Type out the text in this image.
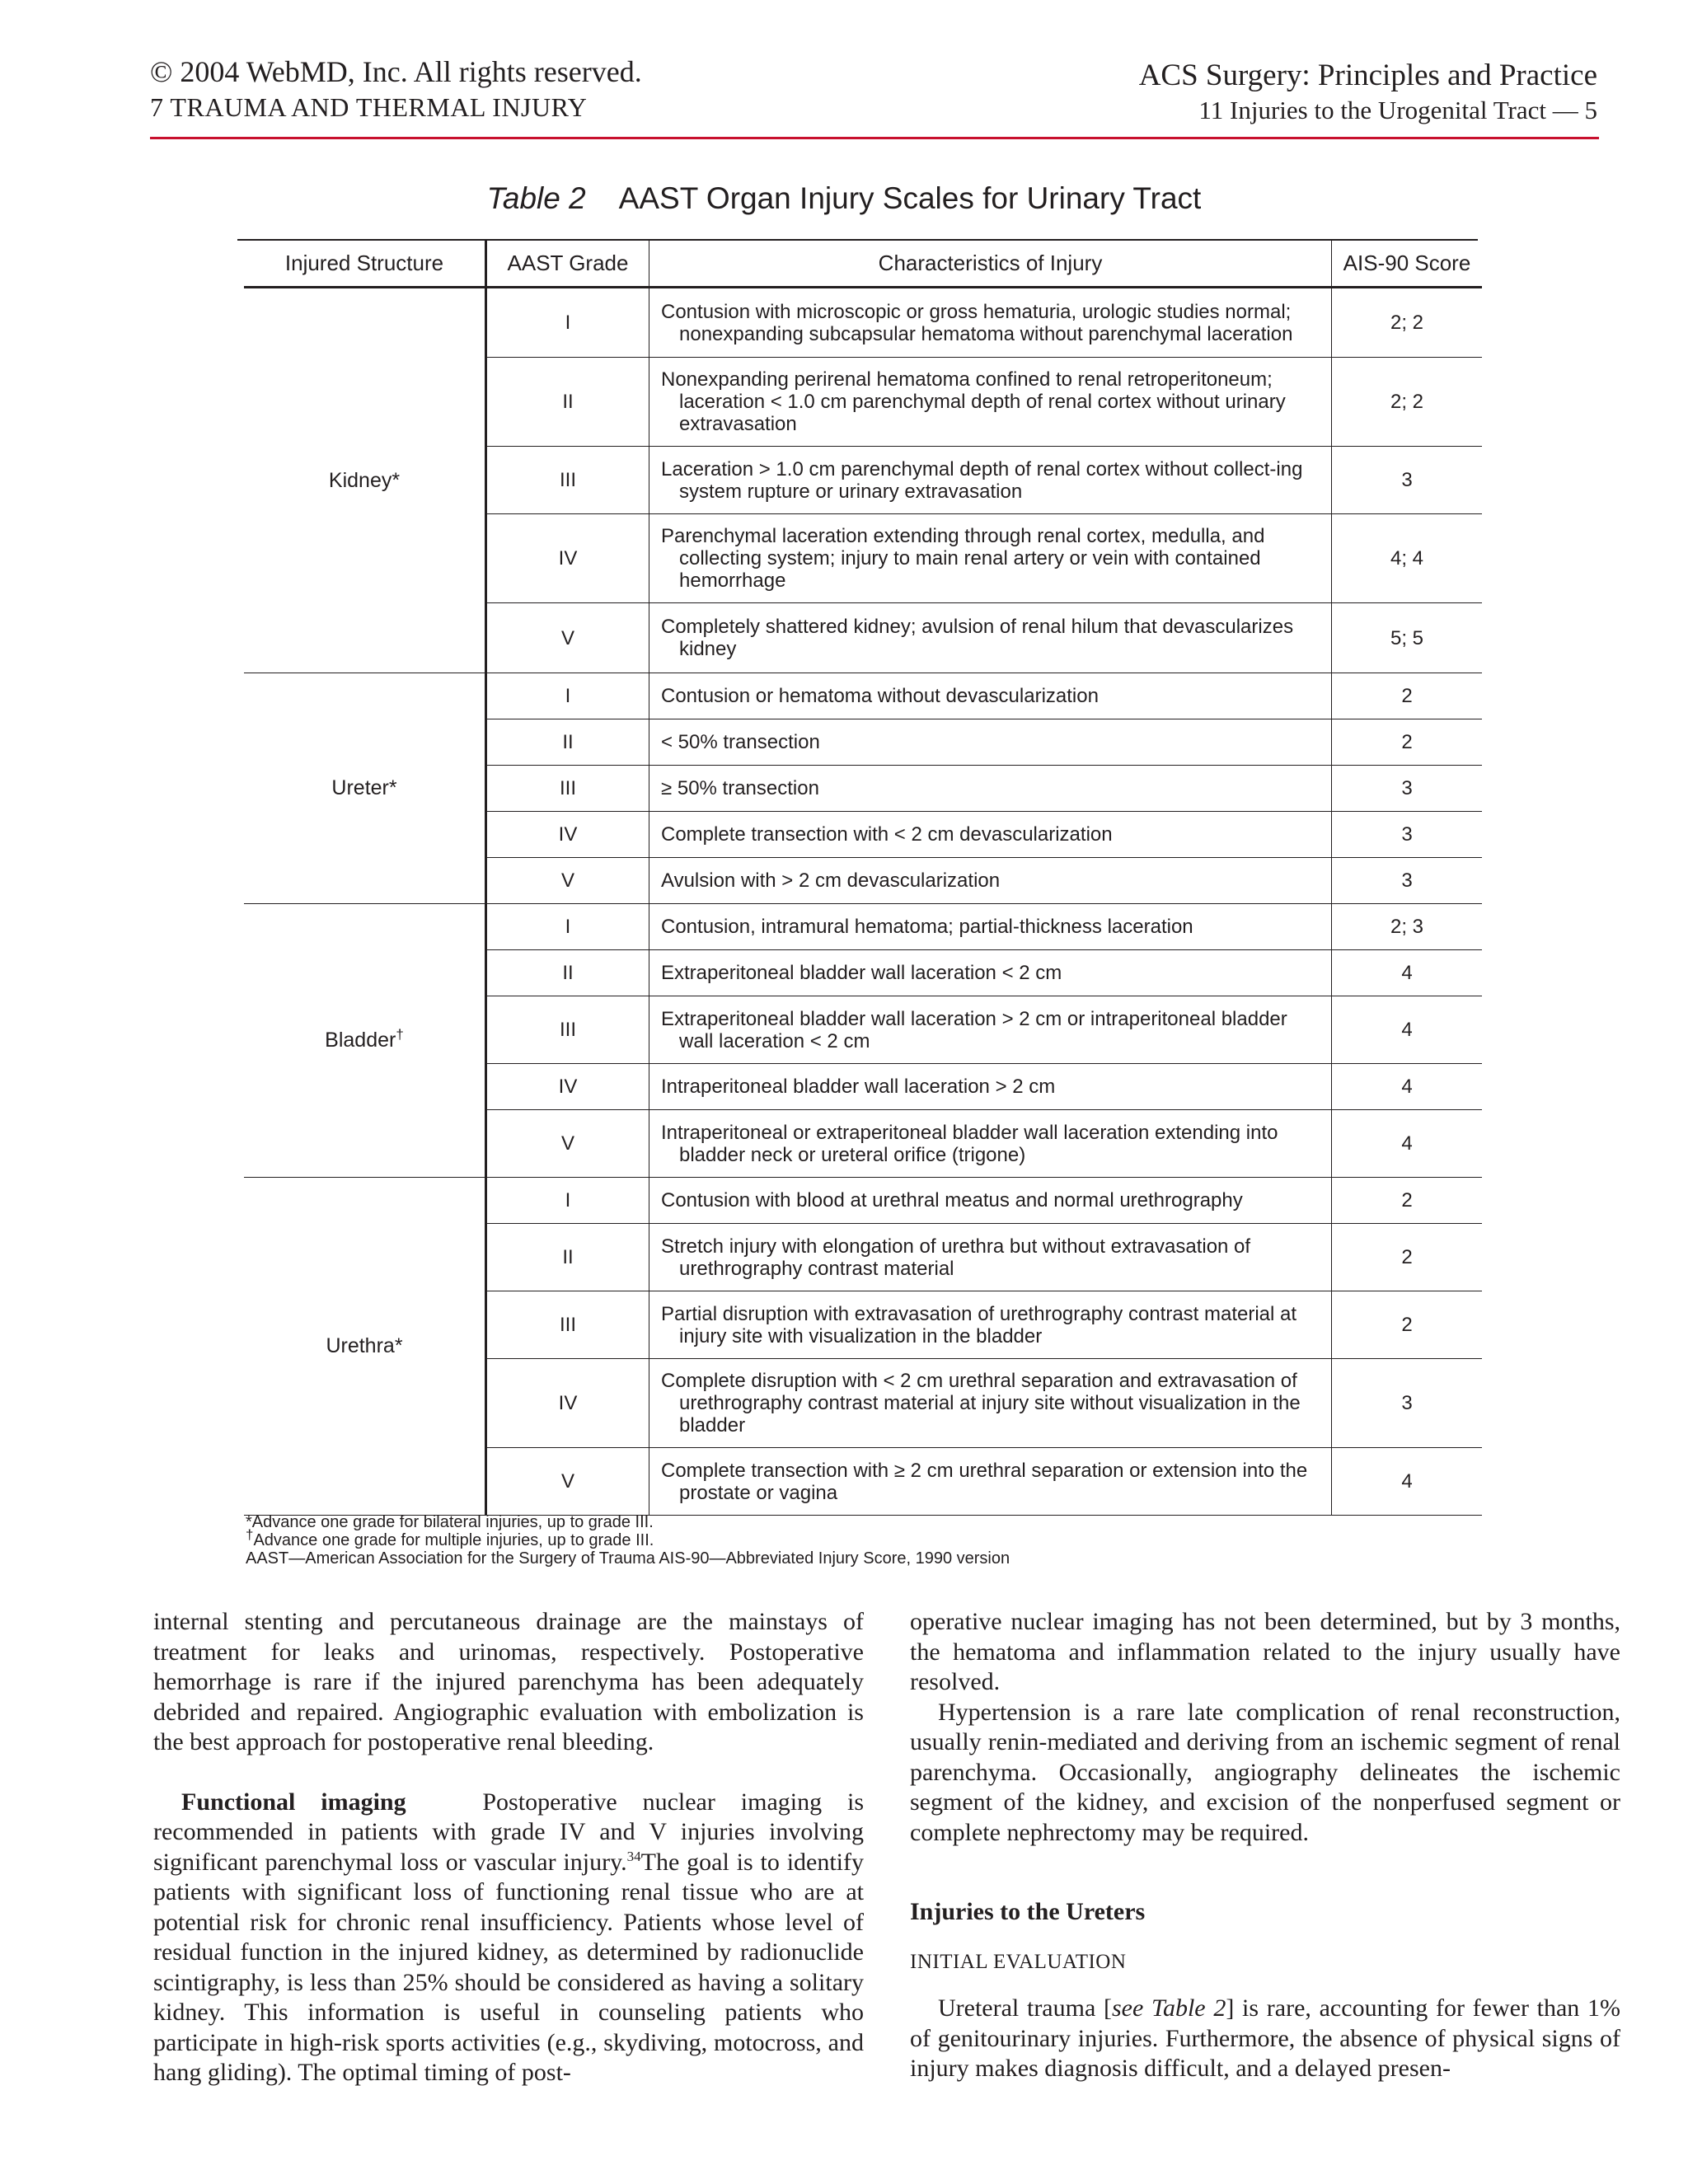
© 2004 WebMD, Inc. All rights reserved.
7 TRAUMA AND THERMAL INJURY
ACS Surgery: Principles and Practice
11 Injuries to the Urogenital Tract — 5
Table 2 AAST Organ Injury Scales for Urinary Tract
Injured Structure	AAST Grade	Characteristics of Injury	AIS-90 Score
Kidney*	I	Contusion with microscopic or gross hematuria, urologic studies normal; nonexpanding subcapsular hematoma without parenchymal laceration	2; 2
	II	Nonexpanding perirenal hematoma confined to renal retroperitoneum; laceration < 1.0 cm parenchymal depth of renal cortex without urinary extravasation	2; 2
	III	Laceration > 1.0 cm parenchymal depth of renal cortex without collect-ing system rupture or urinary extravasation	3
	IV	Parenchymal laceration extending through renal cortex, medulla, and collecting system; injury to main renal artery or vein with contained hemorrhage	4; 4
	V	Completely shattered kidney; avulsion of renal hilum that devascularizes kidney	5; 5
Ureter*	I	Contusion or hematoma without devascularization	2
	II	< 50% transection	2
	III	≥ 50% transection	3
	IV	Complete transection with < 2 cm devascularization	3
	V	Avulsion with > 2 cm devascularization	3
Bladder†	I	Contusion, intramural hematoma; partial-thickness laceration	2; 3
	II	Extraperitoneal bladder wall laceration < 2 cm	4
	III	Extraperitoneal bladder wall laceration > 2 cm or intraperitoneal bladder wall laceration < 2 cm	4
	IV	Intraperitoneal bladder wall laceration > 2 cm	4
	V	Intraperitoneal or extraperitoneal bladder wall laceration extending into bladder neck or ureteral orifice (trigone)	4
Urethra*	I	Contusion with blood at urethral meatus and normal urethrography	2
	II	Stretch injury with elongation of urethra but without extravasation of urethrography contrast material	2
	III	Partial disruption with extravasation of urethrography contrast material at injury site with visualization in the bladder	2
	IV	Complete disruption with < 2 cm urethral separation and extravasation of urethrography contrast material at injury site without visualization in the bladder	3
	V	Complete transection with ≥ 2 cm urethral separation or extension into the prostate or vagina	4
*Advance one grade for bilateral injuries, up to grade III.
†Advance one grade for multiple injuries, up to grade III.
AAST—American Association for the Surgery of Trauma AIS-90—Abbreviated Injury Score, 1990 version

internal stenting and percutaneous drainage are the mainstays of treatment for leaks and urinomas, respectively. Postoperative hemorrhage is rare if the injured parenchyma has been adequately debrided and repaired. Angiographic evaluation with embolization is the best approach for postoperative renal bleeding.

Functional imaging	Postoperative nuclear imaging is recommended in patients with grade IV and V injuries involving significant parenchymal loss or vascular injury.$^{34}$The goal is to identify patients with significant loss of functioning renal tissue who are at potential risk for chronic renal insufficiency. Patients whose level of residual function in the injured kidney, as determined by radionuclide scintigraphy, is less than 25% should be considered as having a solitary kidney. This information is useful in counseling patients who participate in high-risk sports activities (e.g., skydiving, motocross, and hang gliding). The optimal timing of post-

operative nuclear imaging has not been determined, but by 3 months, the hematoma and inflammation related to the injury usually have resolved.

Hypertension is a rare late complication of renal reconstruction, usually renin-mediated and deriving from an ischemic segment of renal parenchyma. Occasionally, angiography delineates the ischemic segment of the kidney, and excision of the nonperfused segment or complete nephrectomy may be required.

Injuries to the Ureters

INITIAL EVALUATION

Ureteral trauma [see Table 2] is rare, accounting for fewer than 1% of genitourinary injuries. Furthermore, the absence of physical signs of injury makes diagnosis difficult, and a delayed presen-
